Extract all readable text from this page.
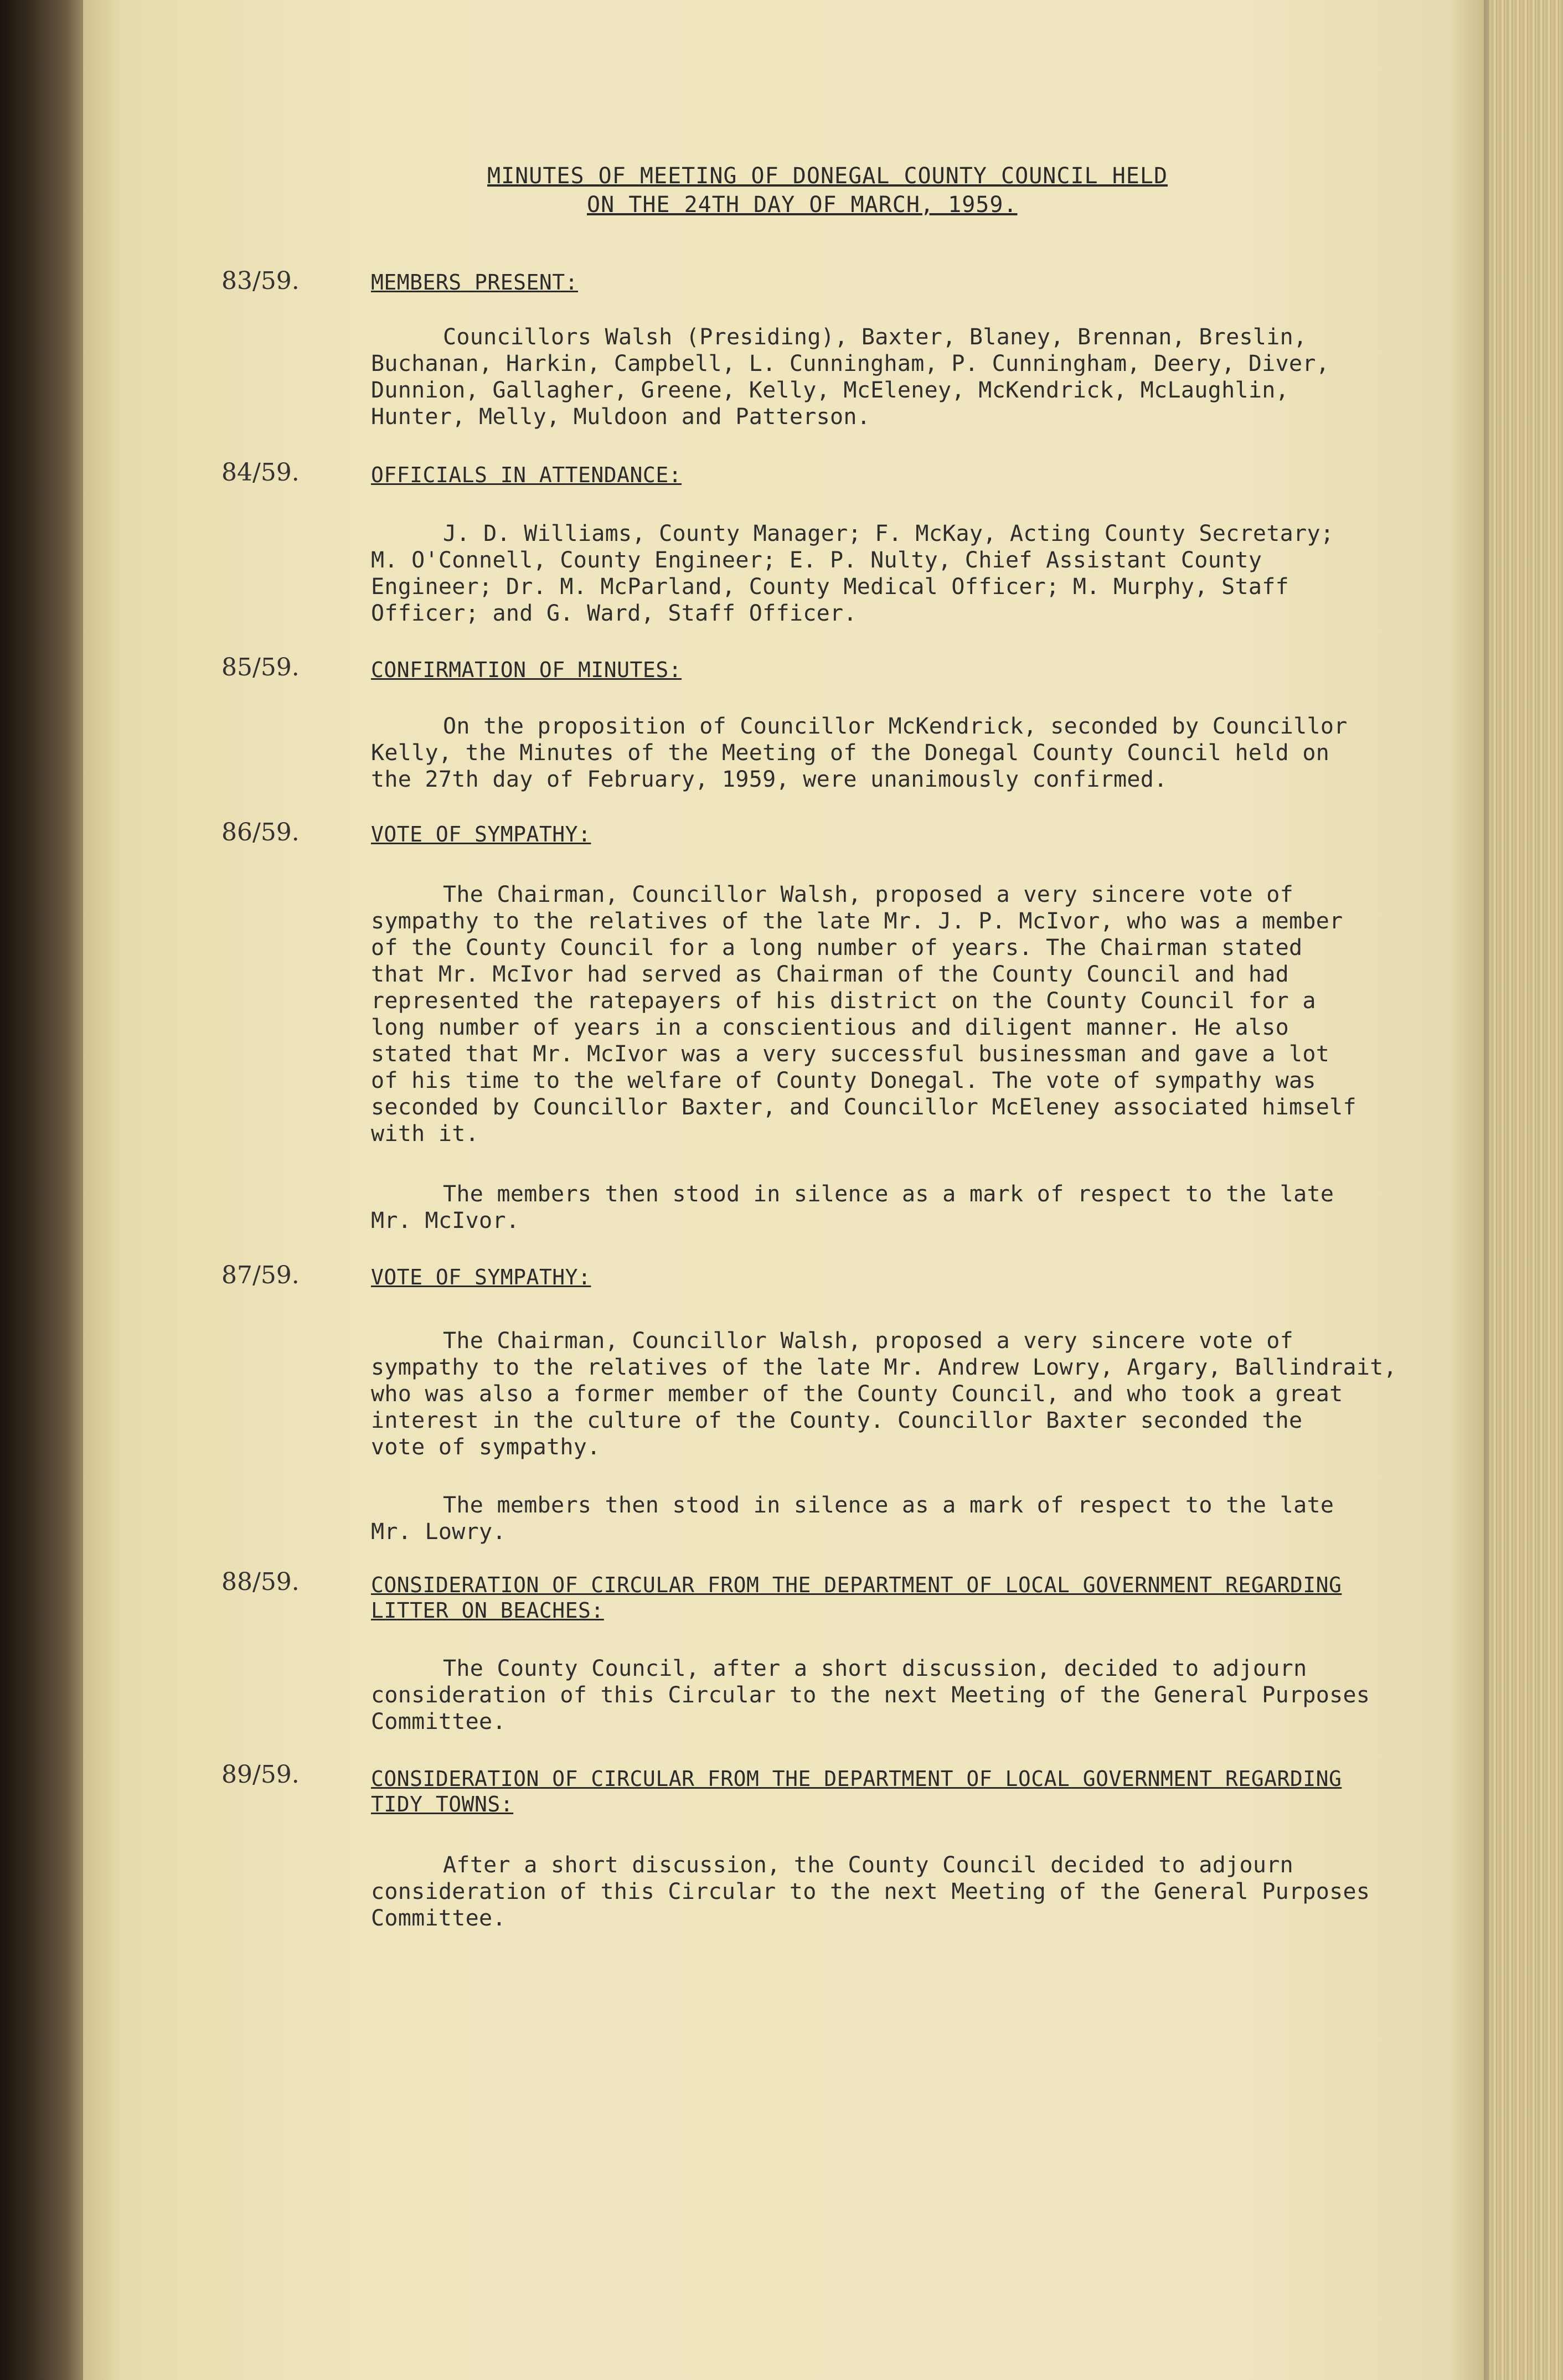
MINUTES OF MEETING OF DONEGAL COUNTY COUNCIL HELD
ON THE 24TH DAY OF MARCH, 1959.
83/59.	MEMBERS PRESENT:
Councillors Walsh (Presiding), Baxter, Blaney, Brennan, Breslin,
Buchanan, Harkin, Campbell, L. Cunningham, P. Cunningham, Deery, Diver,
Dunnion, Gallagher, Greene, Kelly, McEleney, McKendrick, McLaughlin,
Hunter, Melly, Muldoon and Patterson.
84/59.	OFFICIALS IN ATTENDANCE:
J. D. Williams, County Manager; F. McKay, Acting County Secretary;
M. O'Connell, County Engineer; E. P. Nulty, Chief Assistant County
Engineer; Dr. M. McParland, County Medical Officer; M. Murphy, Staff
Officer; and G. Ward, Staff Officer.
85/59.	CONFIRMATION OF MINUTES:
On the proposition of Councillor McKendrick, seconded by Councillor
Kelly, the Minutes of the Meeting of the Donegal County Council held on
the 27th day of February, 1959, were unanimously confirmed.
86/59.	VOTE OF SYMPATHY:
The Chairman, Councillor Walsh, proposed a very sincere vote of
sympathy to the relatives of the late Mr. J. P. McIvor, who was a member
of the County Council for a long number of years. The Chairman stated
that Mr. McIvor had served as Chairman of the County Council and had
represented the ratepayers of his district on the County Council for a
long number of years in a conscientious and diligent manner. He also
stated that Mr. McIvor was a very successful businessman and gave a lot
of his time to the welfare of County Donegal. The vote of sympathy was
seconded by Councillor Baxter, and Councillor McEleney associated himself
with it.
The members then stood in silence as a mark of respect to the late
Mr. McIvor.
87/59.	VOTE OF SYMPATHY:
The Chairman, Councillor Walsh, proposed a very sincere vote of
sympathy to the relatives of the late Mr. Andrew Lowry, Argary, Ballindrait,
who was also a former member of the County Council, and who took a great
interest in the culture of the County. Councillor Baxter seconded the
vote of sympathy.
The members then stood in silence as a mark of respect to the late
Mr. Lowry.
88/59.	CONSIDERATION OF CIRCULAR FROM THE DEPARTMENT OF LOCAL GOVERNMENT REGARDING
LITTER ON BEACHES:
The County Council, after a short discussion, decided to adjourn
consideration of this Circular to the next Meeting of the General Purposes
Committee.
89/59.	CONSIDERATION OF CIRCULAR FROM THE DEPARTMENT OF LOCAL GOVERNMENT REGARDING
TIDY TOWNS:
After a short discussion, the County Council decided to adjourn
consideration of this Circular to the next Meeting of the General Purposes
Committee.
